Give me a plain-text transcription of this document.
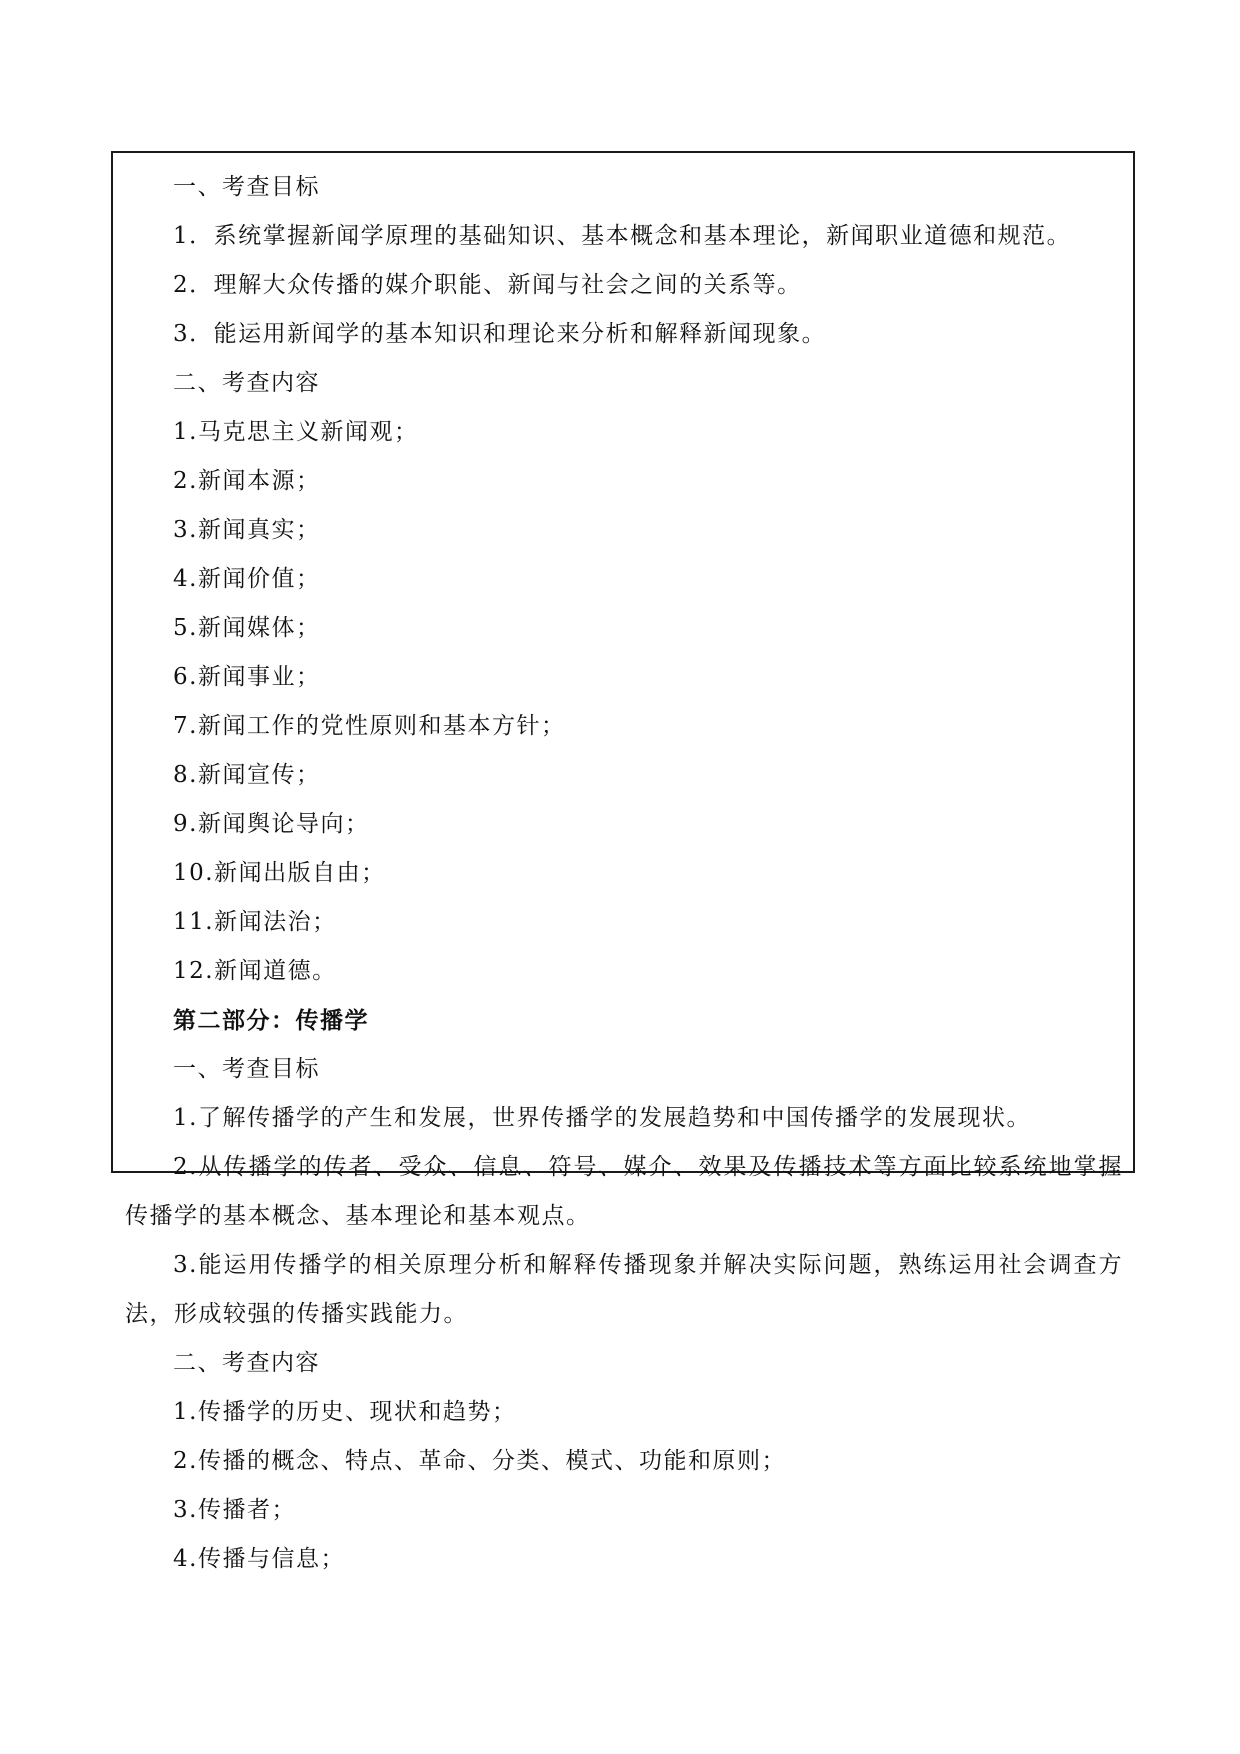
一、考查目标
1．系统掌握新闻学原理的基础知识、基本概念和基本理论，新闻职业道德和规范。
2．理解大众传播的媒介职能、新闻与社会之间的关系等。
3．能运用新闻学的基本知识和理论来分析和解释新闻现象。
二、考查内容
1.马克思主义新闻观；
2.新闻本源；
3.新闻真实；
4.新闻价值；
5.新闻媒体；
6.新闻事业；
7.新闻工作的党性原则和基本方针；
8.新闻宣传；
9.新闻舆论导向；
10.新闻出版自由；
11.新闻法治；
12.新闻道德。
第二部分：传播学
一、考查目标
1.了解传播学的产生和发展，世界传播学的发展趋势和中国传播学的发展现状。
2.从传播学的传者、受众、信息、符号、媒介、效果及传播技术等方面比较系统地掌握传播学的基本概念、基本理论和基本观点。
3.能运用传播学的相关原理分析和解释传播现象并解决实际问题，熟练运用社会调查方法，形成较强的传播实践能力。
二、考查内容
1.传播学的历史、现状和趋势；
2.传播的概念、特点、革命、分类、模式、功能和原则；
3.传播者；
4.传播与信息；
